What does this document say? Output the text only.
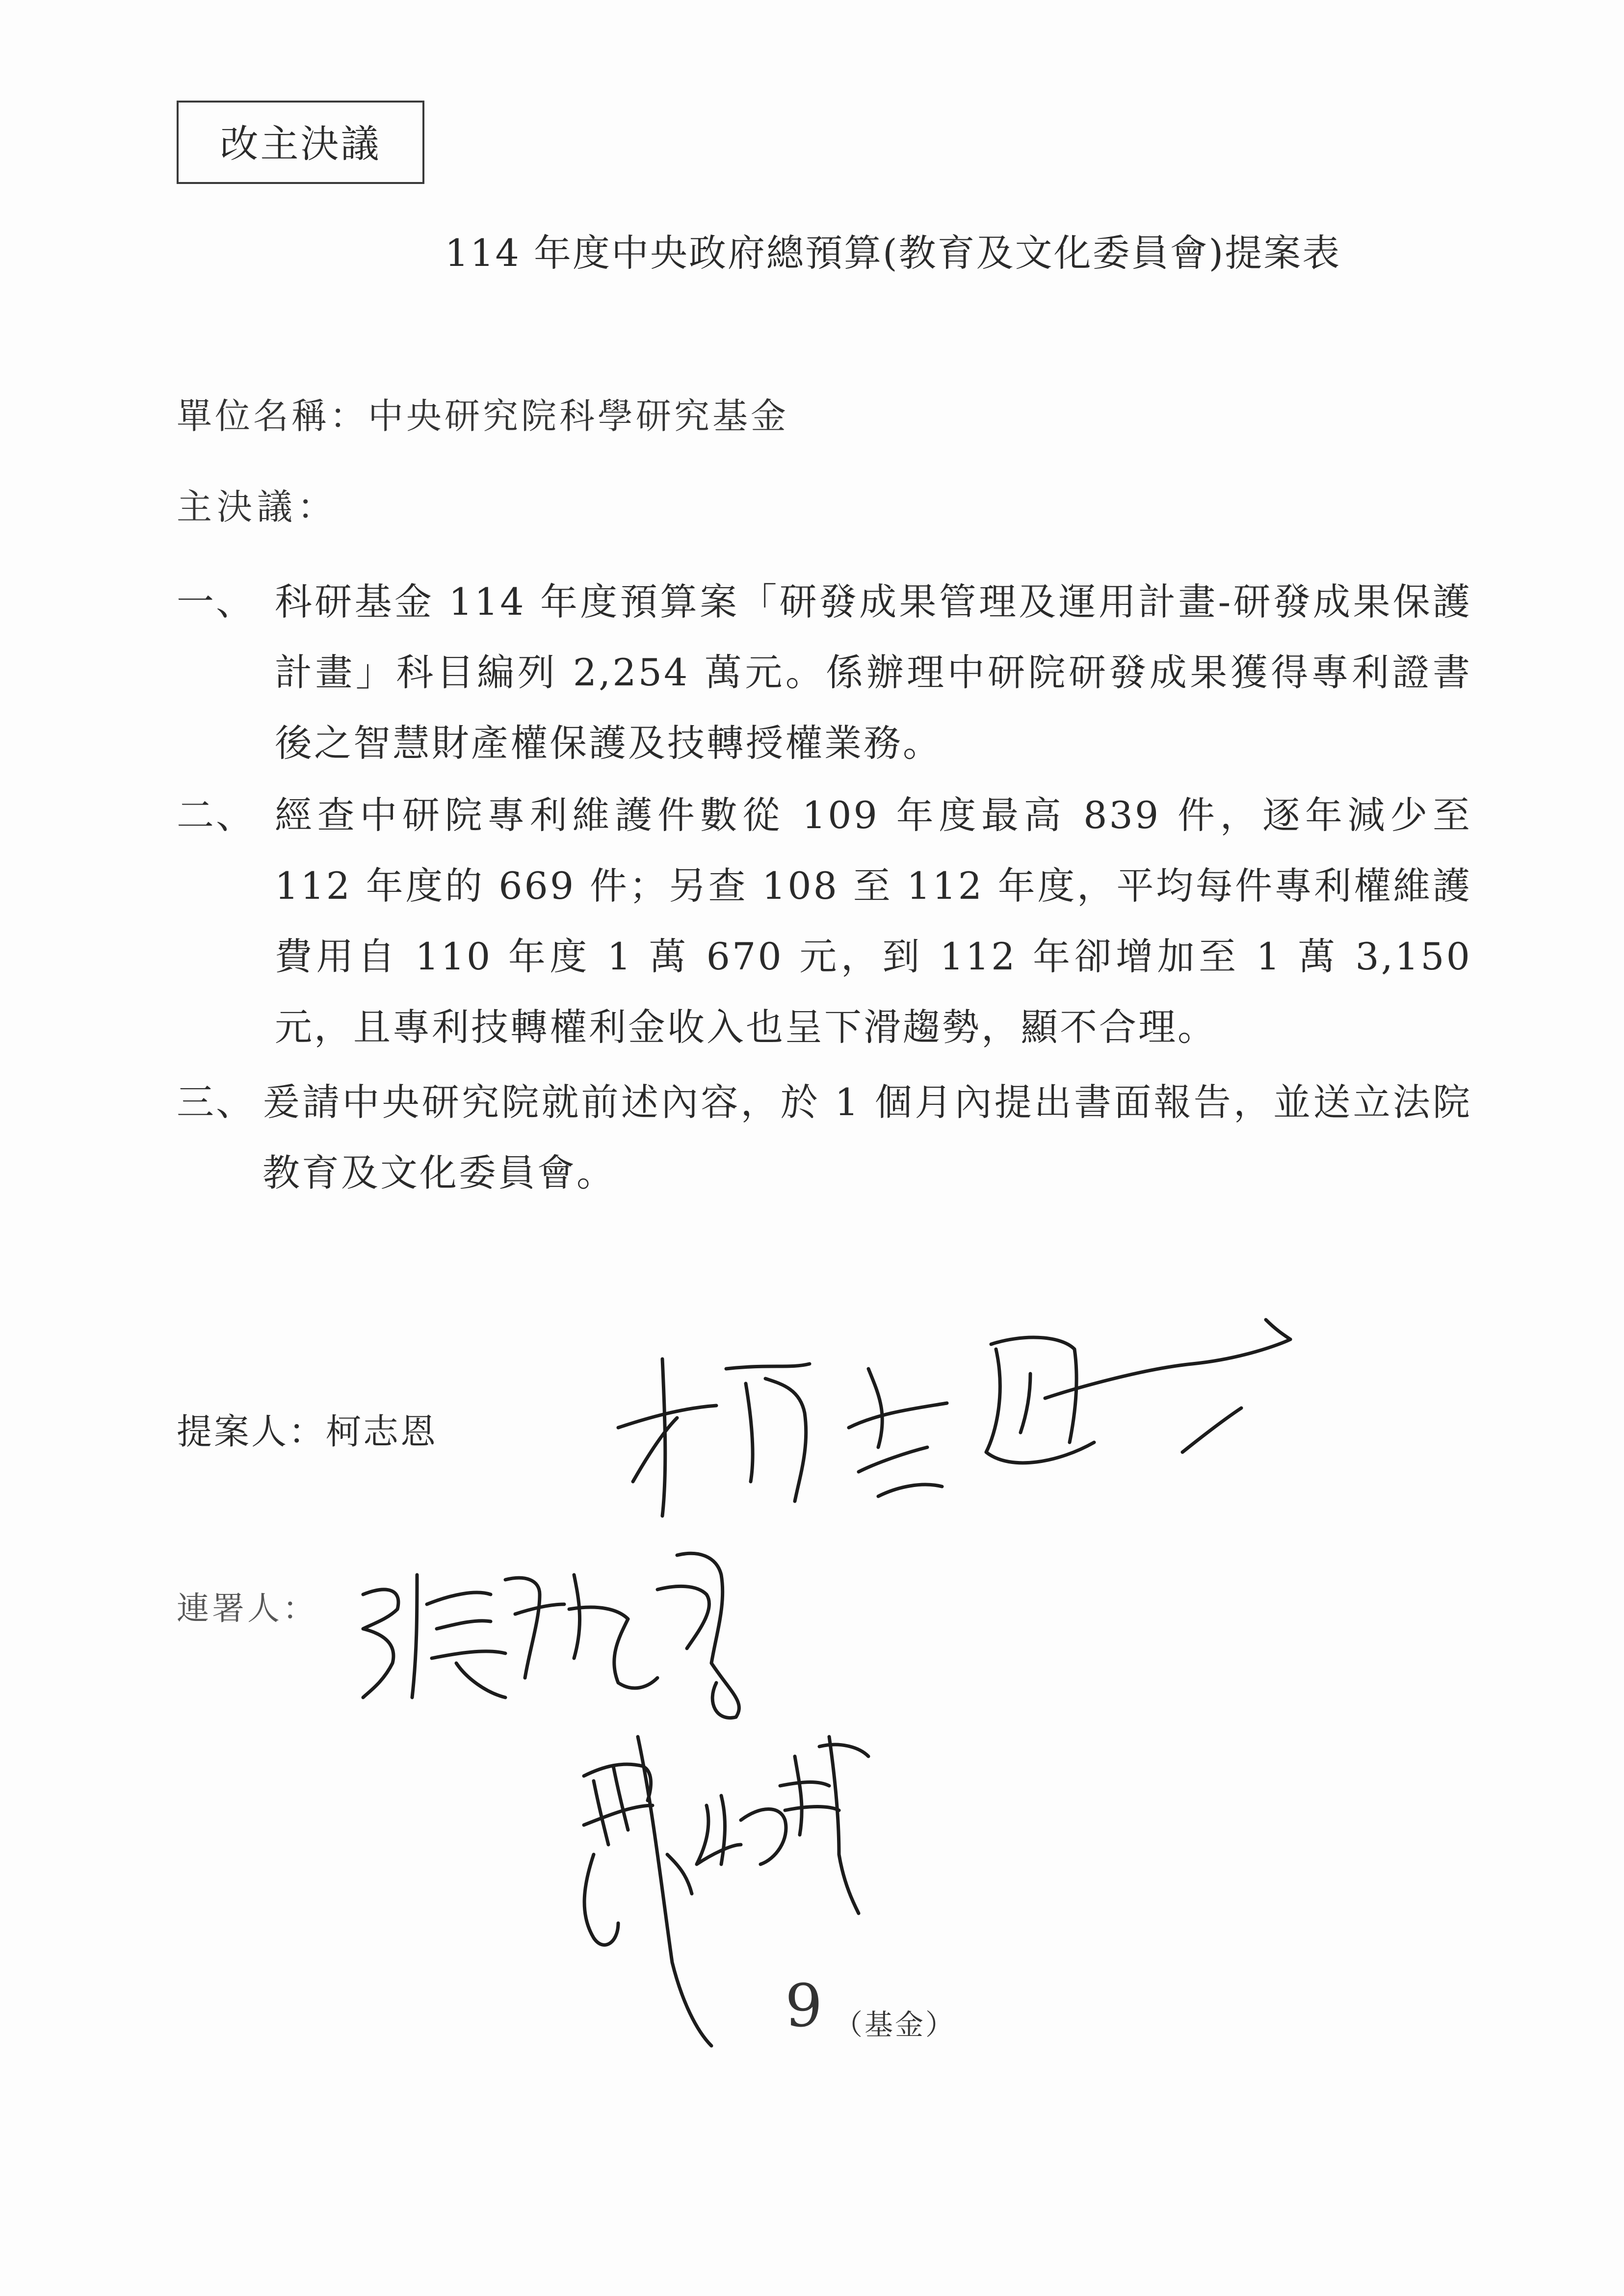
改主決議
114 年度中央政府總預算(教育及文化委員會)提案表
單位名稱：中央研究院科學研究基金
主決議：
一、 科研基金 114 年度預算案「研發成果管理及運用計畫-研發成果保護計畫」科目編列 2,254 萬元。係辦理中研院研發成果獲得專利證書後之智慧財產權保護及技轉授權業務。
二、 經查中研院專利維護件數從 109 年度最高 839 件，逐年減少至 112 年度的 669 件；另查 108 至 112 年度，平均每件專利權維護費用自 110 年度 1 萬 670 元，到 112 年卻增加至 1 萬 3,150 元，且專利技轉權利金收入也呈下滑趨勢，顯不合理。
三、 爰請中央研究院就前述內容，於 1 個月內提出書面報告，並送立法院教育及文化委員會。
提案人：柯志恩
連署人：
9 （基金）
